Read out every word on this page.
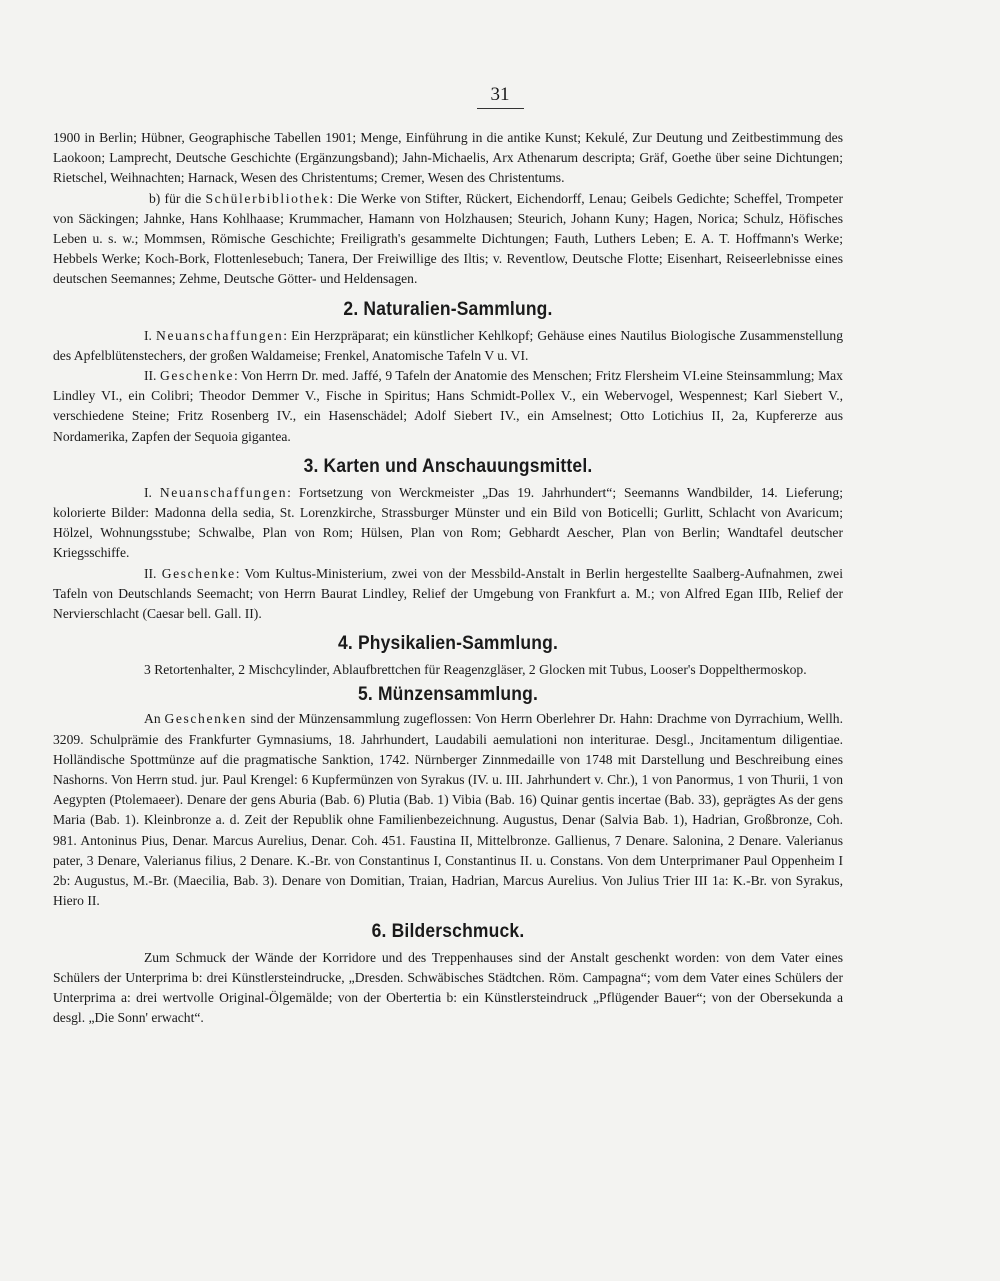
31

1900 in Berlin; Hübner, Geographische Tabellen 1901; Menge, Einführung in die antike Kunst; Kekulé, Zur Deutung und Zeitbestimmung des Laokoon; Lamprecht, Deutsche Geschichte (Ergänzungsband); Jahn-Michaelis, Arx Athenarum descripta; Gräf, Goethe über seine Dichtungen; Rietschel, Weihnachten; Harnack, Wesen des Christentums; Cremer, Wesen des Christentums.

b) für die Schülerbibliothek: Die Werke von Stifter, Rückert, Eichendorff, Lenau; Geibels Gedichte; Scheffel, Trompeter von Säckingen; Jahnke, Hans Kohlhaase; Krummacher, Hamann von Holzhausen; Steurich, Johann Kuny; Hagen, Norica; Schulz, Höfisches Leben u. s. w.; Mommsen, Römische Geschichte; Freiligrath's gesammelte Dichtungen; Fauth, Luthers Leben; E. A. T. Hoffmann's Werke; Hebbels Werke; Koch-Bork, Flottenlesebuch; Tanera, Der Freiwillige des Iltis; v. Reventlow, Deutsche Flotte; Eisenhart, Reiseerlebnisse eines deutschen Seemannes; Zehme, Deutsche Götter- und Heldensagen.

2. Naturalien-Sammlung.

I. Neuanschaffungen: Ein Herzpräparat; ein künstlicher Kehlkopf; Gehäuse eines Nautilus Biologische Zusammenstellung des Apfelblütenstechers, der großen Waldameise; Frenkel, Anatomische Tafeln V u. VI.

II. Geschenke: Von Herrn Dr. med. Jaffé, 9 Tafeln der Anatomie des Menschen; Fritz Flersheim VI.eine Steinsammlung; Max Lindley VI., ein Colibri; Theodor Demmer V., Fische in Spiritus; Hans Schmidt-Pollex V., ein Webervogel, Wespennest; Karl Siebert V., verschiedene Steine; Fritz Rosenberg IV., ein Hasenschädel; Adolf Siebert IV., ein Amselnest; Otto Lotichius II, 2a, Kupfererze aus Nordamerika, Zapfen der Sequoia gigantea.

3. Karten und Anschauungsmittel.

I. Neuanschaffungen: Fortsetzung von Werckmeister „Das 19. Jahrhundert“; Seemanns Wandbilder, 14. Lieferung; kolorierte Bilder: Madonna della sedia, St. Lorenzkirche, Strassburger Münster und ein Bild von Boticelli; Gurlitt, Schlacht von Avaricum; Hölzel, Wohnungsstube; Schwalbe, Plan von Rom; Hülsen, Plan von Rom; Gebhardt Aescher, Plan von Berlin; Wandtafel deutscher Kriegsschiffe.

II. Geschenke: Vom Kultus-Ministerium, zwei von der Messbild-Anstalt in Berlin hergestellte Saalberg-Aufnahmen, zwei Tafeln von Deutschlands Seemacht; von Herrn Baurat Lindley, Relief der Umgebung von Frankfurt a. M.; von Alfred Egan IIIb, Relief der Nervierschlacht (Caesar bell. Gall. II).

4. Physikalien-Sammlung.

3 Retortenhalter, 2 Mischcylinder, Ablaufbrettchen für Reagenzgläser, 2 Glocken mit Tubus, Looser's Doppelthermoskop.

5. Münzensammlung.

An Geschenken sind der Münzensammlung zugeflossen: Von Herrn Oberlehrer Dr. Hahn: Drachme von Dyrrachium, Wellh. 3209. Schulprämie des Frankfurter Gymnasiums, 18. Jahrhundert, Laudabili aemulationi non interiturae. Desgl., Jncitamentum diligentiae. Holländische Spottmünze auf die pragmatische Sanktion, 1742. Nürnberger Zinnmedaille von 1748 mit Darstellung und Beschreibung eines Nashorns. Von Herrn stud. jur. Paul Krengel: 6 Kupfermünzen von Syrakus (IV. u. III. Jahrhundert v. Chr.), 1 von Panormus, 1 von Thurii, 1 von Aegypten (Ptolemaeer). Denare der gens Aburia (Bab. 6) Plutia (Bab. 1) Vibia (Bab. 16) Quinar gentis incertae (Bab. 33), geprägtes As der gens Maria (Bab. 1). Kleinbronze a. d. Zeit der Republik ohne Familienbezeichnung. Augustus, Denar (Salvia Bab. 1), Hadrian, Großbronze, Coh. 981. Antoninus Pius, Denar. Marcus Aurelius, Denar. Coh. 451. Faustina II, Mittelbronze. Gallienus, 7 Denare. Salonina, 2 Denare. Valerianus pater, 3 Denare, Valerianus filius, 2 Denare. K.-Br. von Constantinus I, Constantinus II. u. Constans. Von dem Unterprimaner Paul Oppenheim I 2b: Augustus, M.-Br. (Maecilia, Bab. 3). Denare von Domitian, Traian, Hadrian, Marcus Aurelius. Von Julius Trier III 1a: K.-Br. von Syrakus, Hiero II.

6. Bilderschmuck.

Zum Schmuck der Wände der Korridore und des Treppenhauses sind der Anstalt geschenkt worden: von dem Vater eines Schülers der Unterprima b: drei Künstlersteindrucke, „Dresden. Schwäbisches Städtchen. Röm. Campagna“; vom dem Vater eines Schülers der Unterprima a: drei wertvolle Original-Ölgemälde; von der Obertertia b: ein Künstlersteindruck „Pflügender Bauer“; von der Obersekunda a desgl. „Die Sonn' erwacht“.
